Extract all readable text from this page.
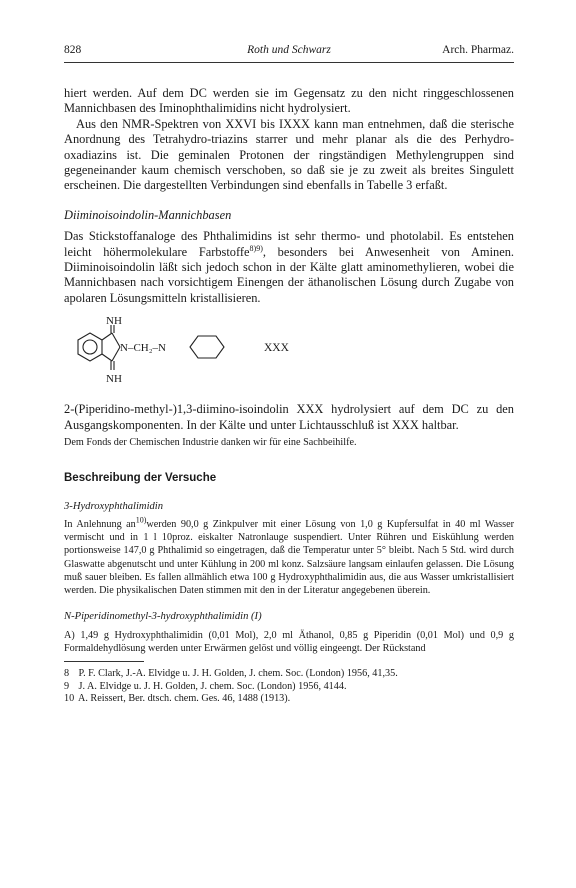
828	Roth und Schwarz	Arch. Pharmaz.

hiert werden. Auf dem DC werden sie im Gegensatz zu den nicht ringgeschlossenen Mannichbasen des Iminophthalimidins nicht hydrolysiert.

Aus den NMR-Spektren von XXVI bis IXXX kann man entnehmen, daß die sterische Anordnung des Tetrahydro-triazins starrer und mehr planar als die des Perhydro-oxadiazins ist. Die geminalen Protonen der ringständigen Methylengruppen sind gegeneinander kaum chemisch verschoben, so daß sie je zu zweit als breites Singulett erscheinen. Die dargestellten Verbindungen sind ebenfalls in Tabelle 3 erfaßt.

Diiminoisoindolin-Mannichbasen

Das Stickstoffanaloge des Phthalimidins ist sehr thermo- und photolabil. Es entstehen leicht höhermolekulare Farbstoffe$^{8)9)}$, besonders bei Anwesenheit von Aminen. Diiminoisoindolin läßt sich jedoch schon in der Kälte glatt aminomethylieren, wobei die Mannichbasen nach vorsichtigem Einengen der äthanolischen Lösung durch Zugabe von apolaren Lösungsmitteln kristallisieren.

NH
NH
N–CH₂–N	XXX

2-(Piperidino-methyl-)1,3-diimino-isoindolin XXX hydrolysiert auf dem DC zu den Ausgangskomponenten. In der Kälte und unter Lichtausschluß ist XXX haltbar.

Dem Fonds der Chemischen Industrie danken wir für eine Sachbeihilfe.

Beschreibung der Versuche

3-Hydroxyphthalimidin

In Anlehnung $an^{10)}werden$ 90,0 g Zinkpulver mit einer Lösung von 1,0 g Kupfersulfat in 40 ml Wasser vermischt und in 1 l 10proz. eiskalter Natronlauge suspendiert. Unter Rühren und Eiskühlung werden portionsweise 147,0 g Phthalimid so eingetragen, daß die Temperatur unter 5° bleibt. Nach 5 Std. wird durch Glaswatte abgenutscht und unter Kühlung in 200 ml konz. Salzsäure langsam einlaufen gelassen. Die Lösung muß sauer bleiben. Es fallen allmählich etwa 100 g Hydroxyphthalimidin aus, die aus Wasser umkristallisiert werden. Die physikalischen Daten stimmen mit den in der Literatur angegebenen überein.

N-Piperidinomethyl-3-hydroxyphthalimidin (I)

A) 1,49 g Hydroxyphthalimidin (0,01 Mol), 2,0 ml Äthanol, 0,85 g Piperidin (0,01 Mol) und 0,9 g Formaldehydlösung werden unter Erwärmen gelöst und völlig eingeengt. Der Rückstand

8 P. F. Clark, J.-A. Elvidge u. J. H. Golden, J. chem. Soc. (London) 1956, 41,35.

9 J. A. Elvidge u. J. H. Golden, J. chem. Soc. (London) 1956, 4144.

10 A. Reissert, Ber. dtsch. chem. Ges. 46, 1488 (1913).
